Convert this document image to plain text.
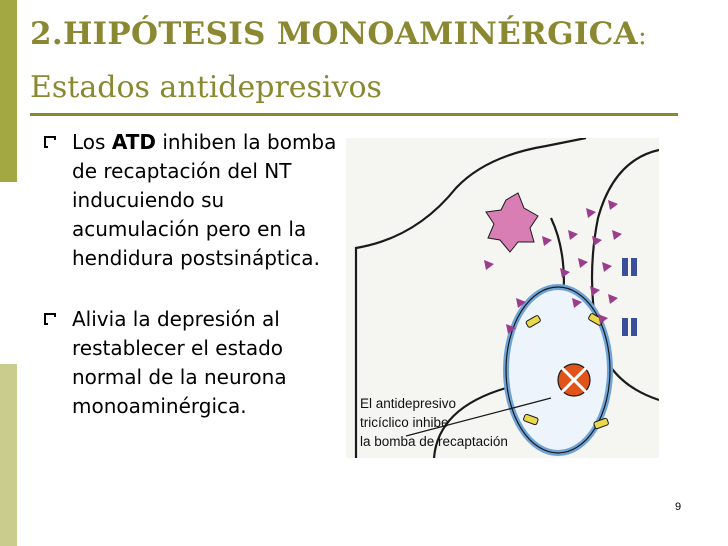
2.HIPÓTESIS MONOAMINÉRGICA:
Estados antidepresivos
Los ATD inhiben la bomba de recaptación del NT inducuiendo su acumulación pero en la hendidura postsináptica.
Alivia la depresión al restablecer el estado normal de la neurona monoaminérgica.	El antidepresivo
tricíclico inhibe
la bomba de recaptación
9
